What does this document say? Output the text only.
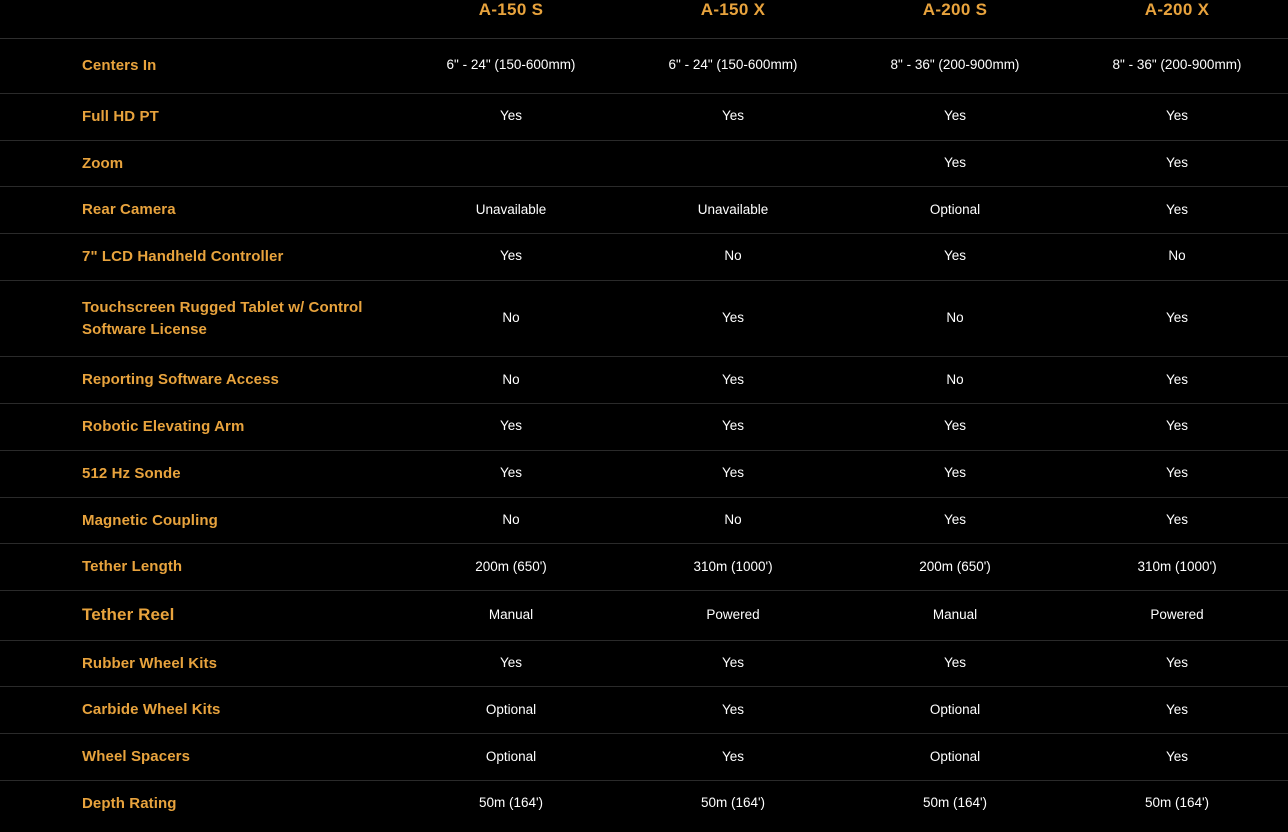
	A-150 S	A-150 X	A-200 S	A-200 X
Centers In	6" - 24" (150-600mm)	6" - 24" (150-600mm)	8" - 36" (200-900mm)	8" - 36" (200-900mm)
Full HD PT	Yes	Yes	Yes	Yes
Zoom			Yes	Yes
Rear Camera	Unavailable	Unavailable	Optional	Yes
7" LCD Handheld Controller	Yes	No	Yes	No
Touchscreen Rugged Tablet w/ Control Software License	No	Yes	No	Yes
Reporting Software Access	No	Yes	No	Yes
Robotic Elevating Arm	Yes	Yes	Yes	Yes
512 Hz Sonde	Yes	Yes	Yes	Yes
Magnetic Coupling	No	No	Yes	Yes
Tether Length	200m (650')	310m (1000')	200m (650')	310m (1000')
Tether Reel	Manual	Powered	Manual	Powered
Rubber Wheel Kits	Yes	Yes	Yes	Yes
Carbide Wheel Kits	Optional	Yes	Optional	Yes
Wheel Spacers	Optional	Yes	Optional	Yes
Depth Rating	50m (164')	50m (164')	50m (164')	50m (164')
